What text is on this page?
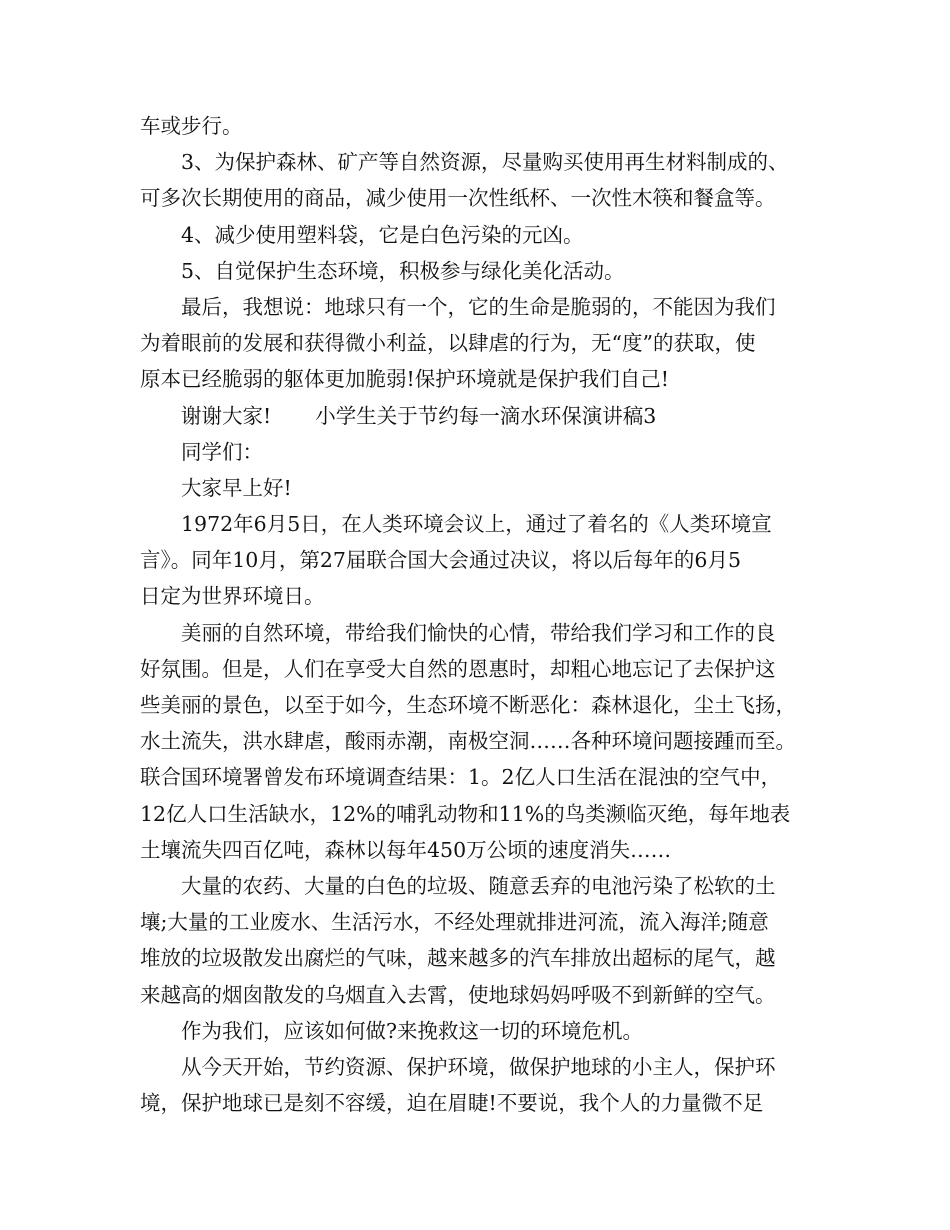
车或步行。
3、为保护森林、矿产等自然资源，尽量购买使用再生材料制成的、
可多次长期使用的商品，减少使用一次性纸杯、一次性木筷和餐盒等。
4、减少使用塑料袋，它是白色污染的元凶。
5、自觉保护生态环境，积极参与绿化美化活动。
最后，我想说：地球只有一个，它的生命是脆弱的，不能因为我们
为着眼前的发展和获得微小利益，以肆虐的行为，无“度”的获取，使
原本已经脆弱的躯体更加脆弱!保护环境就是保护我们自己!
谢谢大家! 小学生关于节约每一滴水环保演讲稿3
同学们：
大家早上好!
1972年6月5日，在人类环境会议上，通过了着名的《人类环境宣
言》。同年10月，第27届联合国大会通过决议，将以后每年的6月5
日定为世界环境日。
美丽的自然环境，带给我们愉快的心情，带给我们学习和工作的良
好氛围。但是，人们在享受大自然的恩惠时，却粗心地忘记了去保护这
些美丽的景色，以至于如今，生态环境不断恶化：森林退化，尘土飞扬，
水土流失，洪水肆虐，酸雨赤潮，南极空洞……各种环境问题接踵而至。
联合国环境署曾发布环境调查结果：1。2亿人口生活在混浊的空气中，
12亿人口生活缺水，12%的哺乳动物和11%的鸟类濒临灭绝，每年地表
土壤流失四百亿吨，森林以每年450万公顷的速度消失……
大量的农药、大量的白色的垃圾、随意丢弃的电池污染了松软的土
壤;大量的工业废水、生活污水，不经处理就排进河流，流入海洋;随意
堆放的垃圾散发出腐烂的气味，越来越多的汽车排放出超标的尾气，越
来越高的烟囱散发的乌烟直入去霄，使地球妈妈呼吸不到新鲜的空气。
作为我们，应该如何做?来挽救这一切的环境危机。
从今天开始，节约资源、保护环境，做保护地球的小主人，保护环
境，保护地球已是刻不容缓，迫在眉睫!不要说，我个人的力量微不足
